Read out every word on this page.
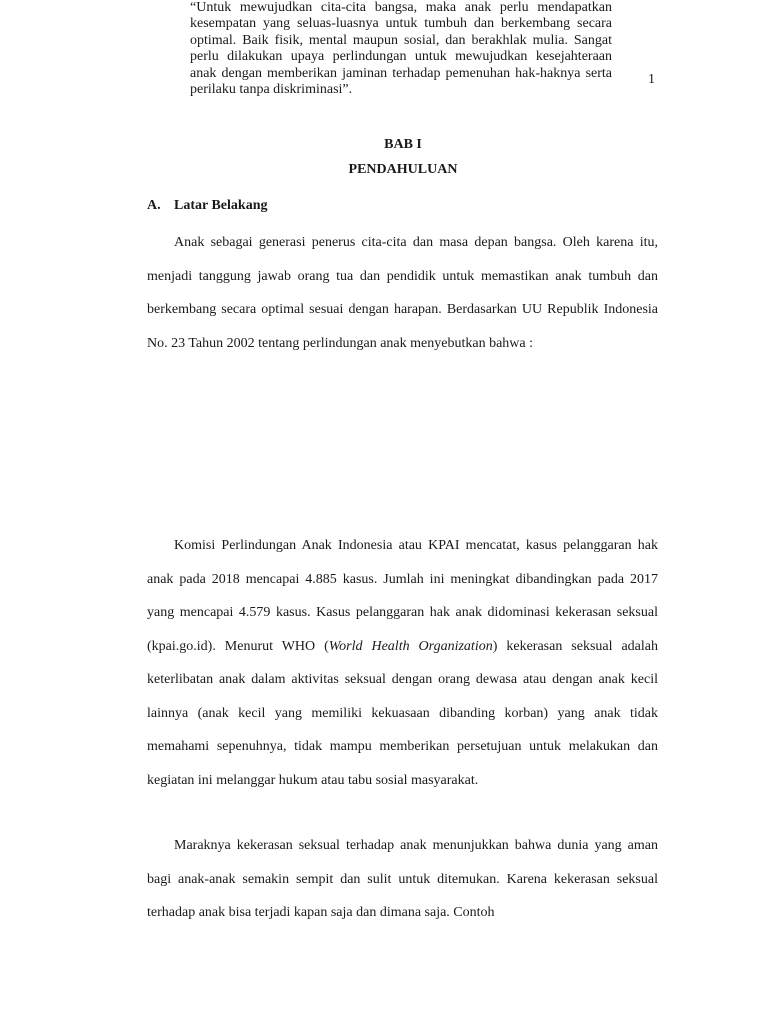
1
BAB I
PENDAHULUAN
A. Latar Belakang

Anak sebagai generasi penerus cita-cita dan masa depan bangsa. Oleh karena itu, menjadi tanggung jawab orang tua dan pendidik untuk memastikan anak tumbuh dan berkembang secara optimal sesuai dengan harapan. Berdasarkan UU Republik Indonesia No. 23 Tahun 2002 tentang perlindungan anak menyebutkan bahwa :

“Untuk mewujudkan cita-cita bangsa, maka anak perlu mendapatkan kesempatan yang seluas-luasnya untuk tumbuh dan berkembang secara optimal. Baik fisik, mental maupun sosial, dan berakhlak mulia. Sangat perlu dilakukan upaya perlindungan untuk mewujudkan kesejahteraan anak dengan memberikan jaminan terhadap pemenuhan hak-haknya serta perilaku tanpa diskriminasi”.

Komisi Perlindungan Anak Indonesia atau KPAI mencatat, kasus pelanggaran hak anak pada 2018 mencapai 4.885 kasus. Jumlah ini meningkat dibandingkan pada 2017 yang mencapai 4.579 kasus. Kasus pelanggaran hak anak didominasi kekerasan seksual (kpai.go.id). Menurut WHO (World Health Organization) kekerasan seksual adalah keterlibatan anak dalam aktivitas seksual dengan orang dewasa atau dengan anak kecil lainnya (anak kecil yang memiliki kekuasaan dibanding korban) yang anak tidak memahami sepenuhnya, tidak mampu memberikan persetujuan untuk melakukan dan kegiatan ini melanggar hukum atau tabu sosial masyarakat.

Maraknya kekerasan seksual terhadap anak menunjukkan bahwa dunia yang aman bagi anak-anak semakin sempit dan sulit untuk ditemukan. Karena kekerasan seksual terhadap anak bisa terjadi kapan saja dan dimana saja. Contoh
